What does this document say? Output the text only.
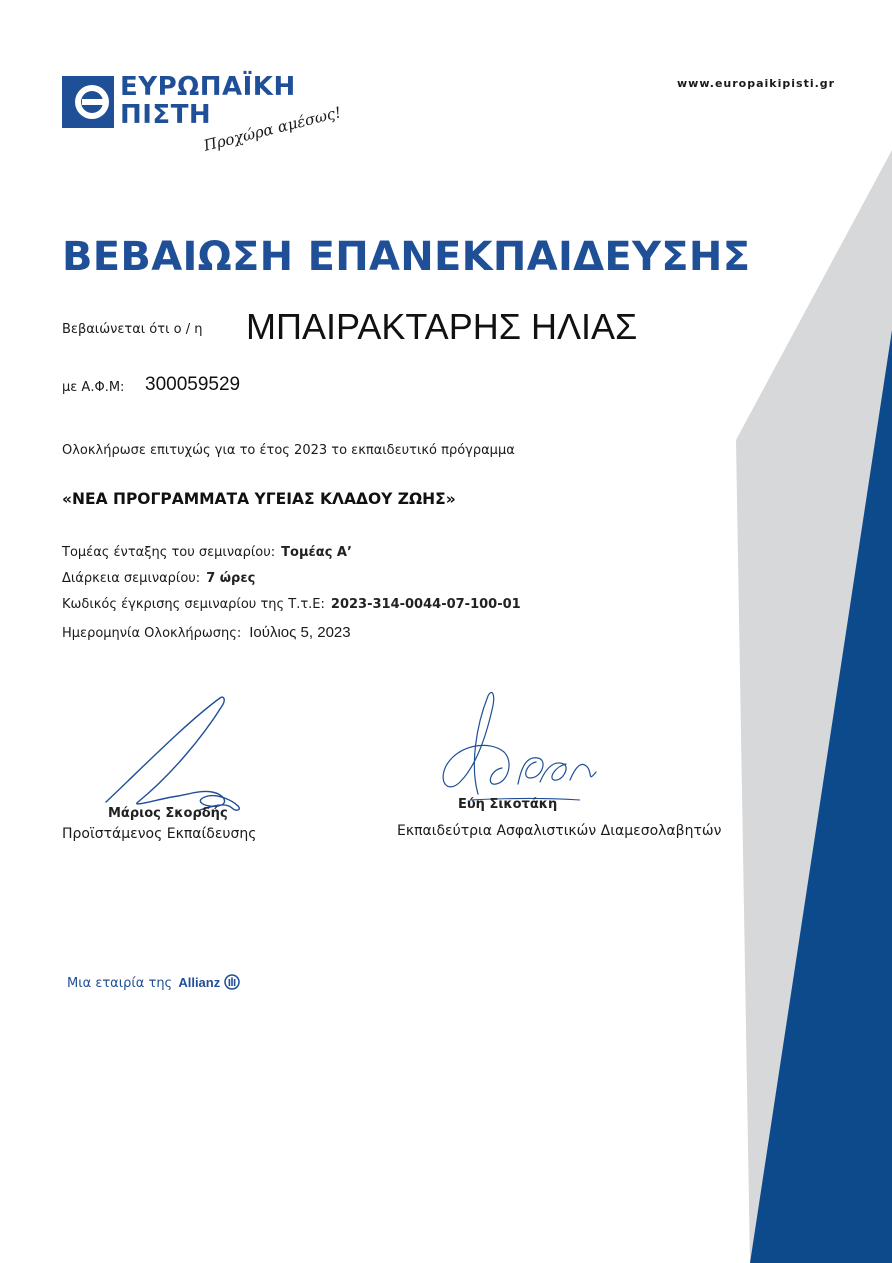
ΕΥΡΩΠΑΪΚΗ
ΠΙΣΤΗ
Προχώρα αμέσως!
www.europaikipisti.gr
ΒΕΒΑΙΩΣΗ ΕΠΑΝΕΚΠΑΙΔΕΥΣΗΣ
Βεβαιώνεται ότι ο / η ΜΠΑΙΡΑΚΤΑΡΗΣ ΗΛΙΑΣ
με Α.Φ.Μ: 300059529
Ολοκλήρωσε επιτυχώς για το έτος 2023 το εκπαιδευτικό πρόγραμμα
«ΝΕΑ ΠΡΟΓΡΑΜΜΑΤΑ ΥΓΕΙΑΣ ΚΛΑΔΟΥ ΖΩΗΣ»
Τομέας ένταξης του σεμιναρίου: Τομέας Α’
Διάρκεια σεμιναρίου: 7 ώρες
Κωδικός έγκρισης σεμιναρίου της Τ.τ.Ε: 2023-314-0044-07-100-01
Ημερομηνία Ολοκλήρωσης: Ιούλιος 5, 2023
Μάριος Σκορδής
Προϊστάμενος Εκπαίδευσης
Εύη Σικοτάκη
Εκπαιδεύτρια Ασφαλιστικών Διαμεσολαβητών
Μια εταιρία της Allianz
